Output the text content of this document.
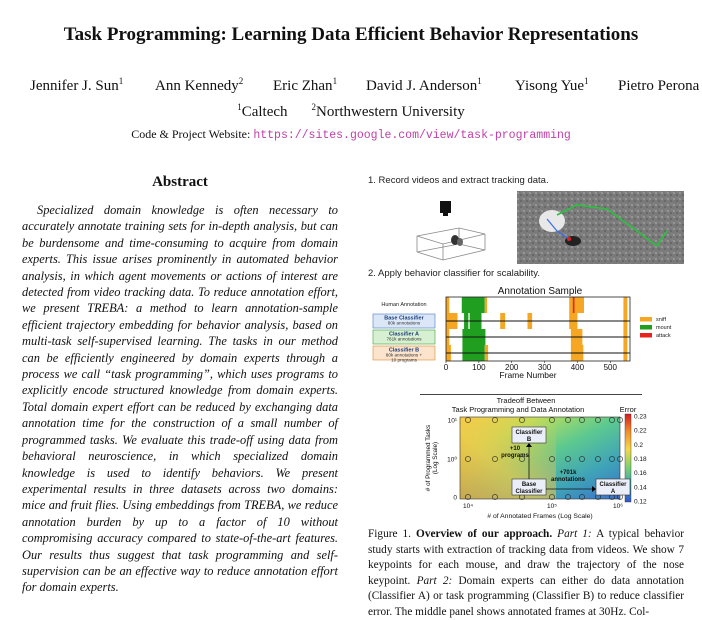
Task Programming: Learning Data Efficient Behavior Representations
Jennifer J. Sun$^1$ Ann Kennedy$^2$ Eric Zhan$^1$ David J. Anderson$^1$ Yisong Yue$^1$ Pietro Perona
$^1$Caltech	$^2$Northwestern University
Code & Project Website: https://sites.google.com/view/task-programming
Abstract

Specialized domain knowledge is often necessary to accurately annotate training sets for in-depth analysis, but can be burdensome and time-consuming to acquire from domain experts. This issue arises prominently in automated behavior analysis, in which agent movements or actions of interest are detected from video tracking data. To reduce annotation effort, we present TREBA: a method to learn annotation-sample efficient trajectory embedding for behavior analysis, based on multi-task self-supervised learning. The tasks in our method can be efficiently engineered by domain experts through a process we call “task programming”, which uses programs to explicitly encode structured knowledge from domain experts. Total domain expert effort can be reduced by exchanging data annotation time for the construction of a small number of programmed tasks. We evaluate this trade-off using data from behavioral neuroscience, in which specialized domain knowledge is used to identify behaviors. We present experimental results in three datasets across two domains: mice and fruit flies. Using embeddings from TREBA, we reduce annotation burden by up to a factor of 10 without compromising accuracy compared to state-of-the-art features. Our results thus suggest that task programming and self-supervision can be an effective way to reduce annotation effort for domain experts.

1. Record videos and extract tracking data.
2. Apply behavior classifier for scalability.
Annotation Sample
Human Annotation
Base Classifier
80k annotations
Classifier A
781k annotations
Classifier B
80k annotations +
10 programs
0	100 200 300 400 500
Frame Number
sniff
mount
attack
Tradeoff Between
Task Programming and Data Annotation	Error
0.23
0.22
0.2
0.18
0.16
0.14
0.12
0
10⁰
10¹
10⁴	10⁵	10⁶
# of Annotated Frames (Log Scale)
# of Programmed Tasks (Log Scale)
Classifier
B
Base
Classifier
Classifier
A
+10
programs
+701k
annotations
Figure 1. Overview of our approach. Part 1: A typical behavior study starts with extraction of tracking data from videos. We show 7 keypoints for each mouse, and draw the trajectory of the nose keypoint. Part 2: Domain experts can either do data annotation (Classifier A) or task programming (Classifier B) to reduce classifier error. The middle panel shows annotated frames at 30Hz. Col-
